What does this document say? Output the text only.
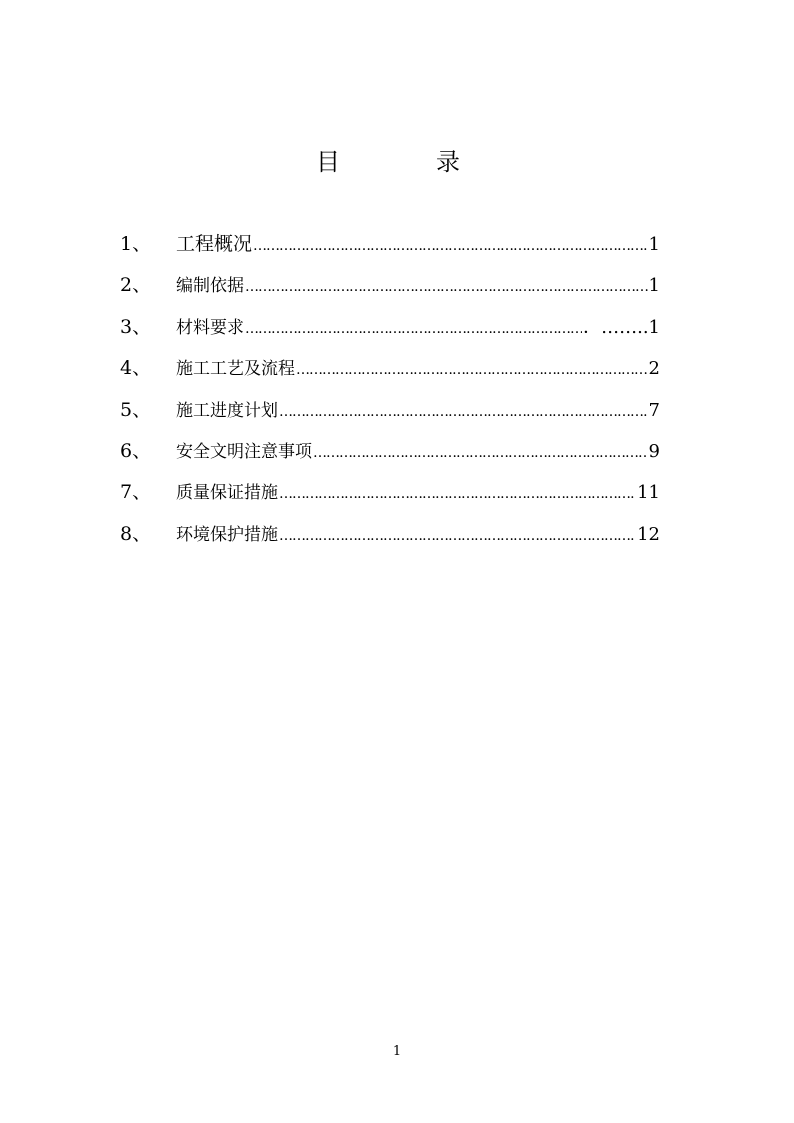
目　录
1、	工程概况 ……………………………………………………………………………………………………………………………	1
2、	编制依据 ……………………………………………………………………………………………………………………………	1
3、	材料要求 ……………………………………………………………………………………………………………………………	．……..1
4、	施工工艺及流程 ……………………………………………………………………………………………………………………………	2
5、	施工进度计划 ……………………………………………………………………………………………………………………………	7
6、	安全文明注意事项 ……………………………………………………………………………………………………………………………	9
7、	质量保证措施 ……………………………………………………………………………………………………………………………	11
8、	环境保护措施 ……………………………………………………………………………………………………………………………	12
1
